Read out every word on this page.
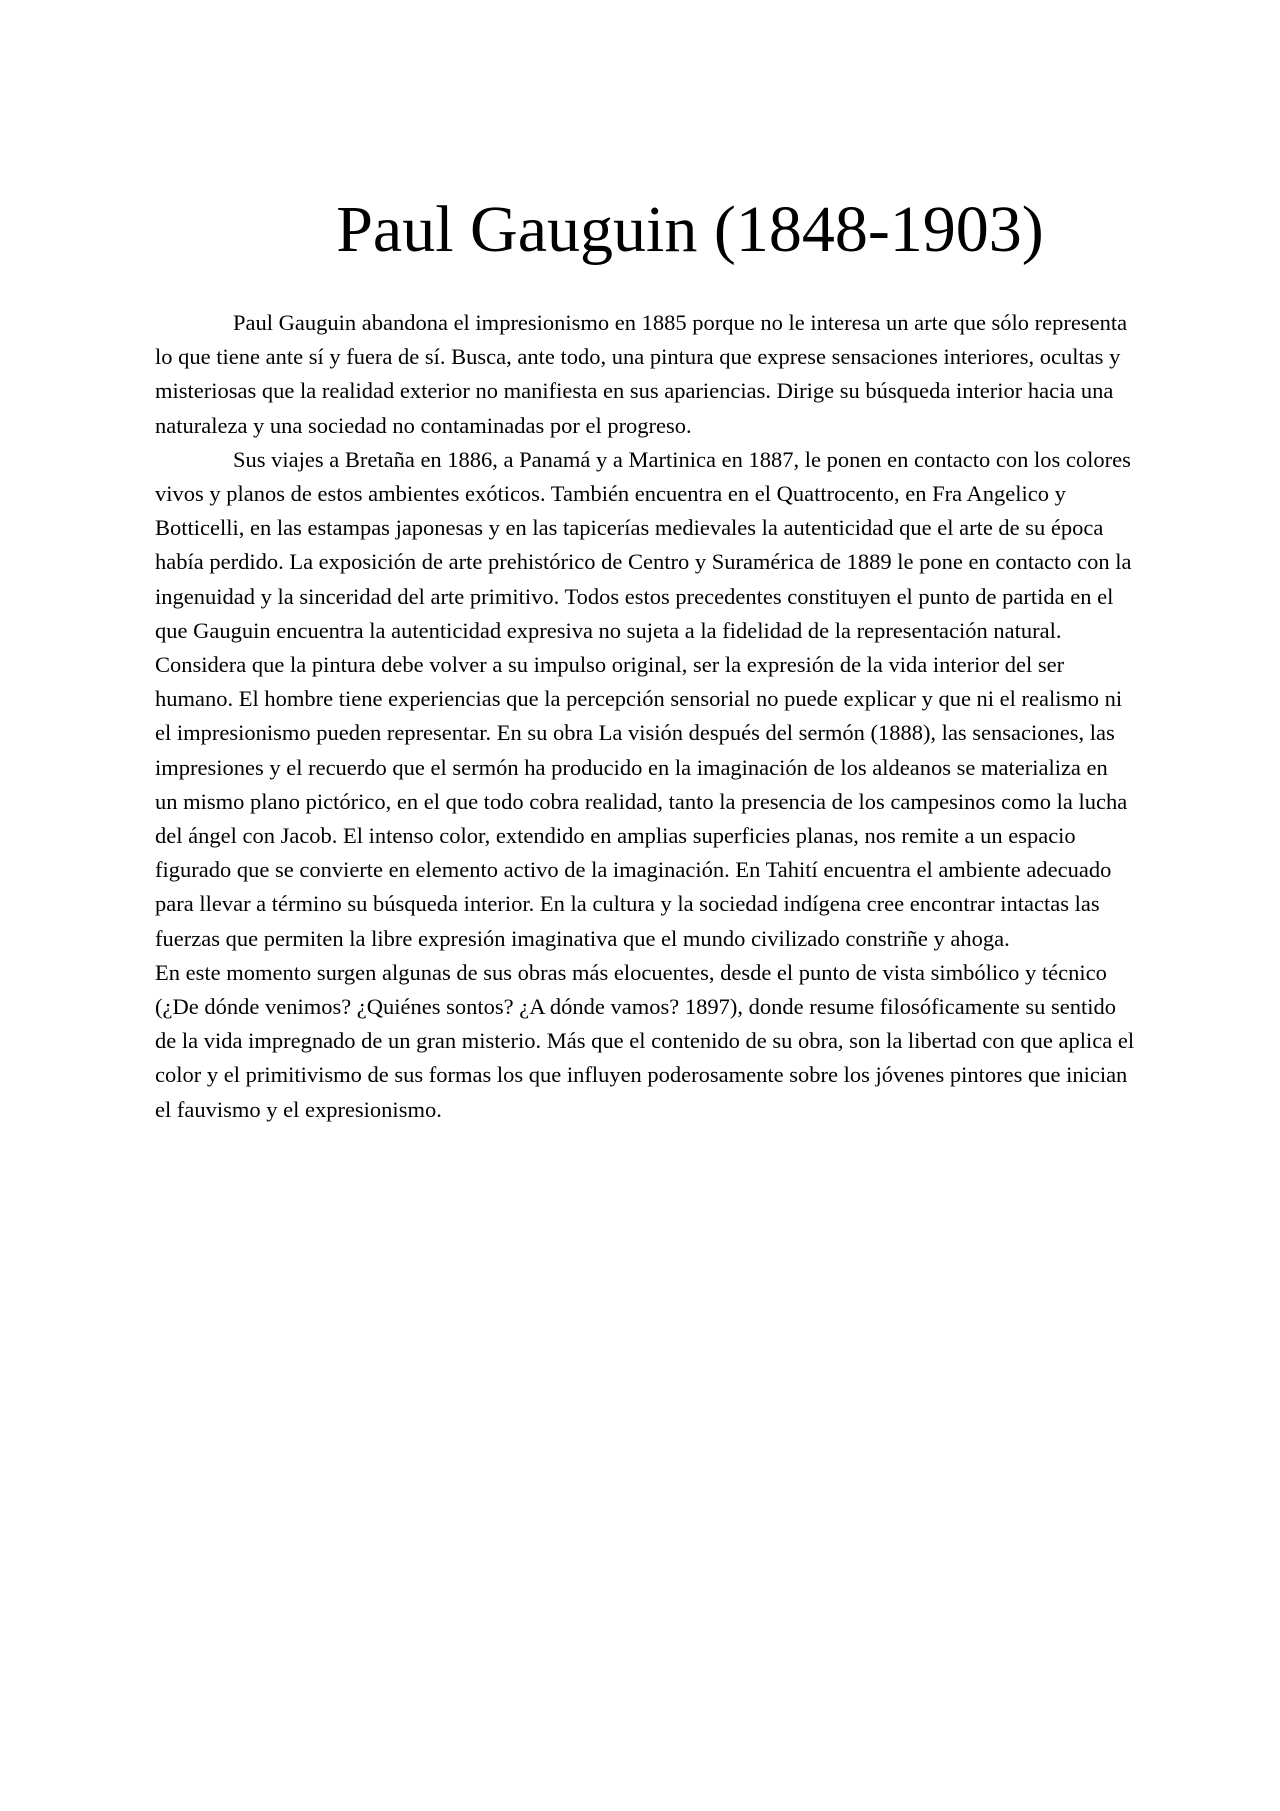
Paul Gauguin (1848-1903)

Paul Gauguin abandona el impresionismo en 1885 porque no le interesa un arte que sólo representa lo que tiene ante sí y fuera de sí. Busca, ante todo, una pintura que exprese sensaciones interiores, ocultas y misteriosas que la realidad exterior no manifiesta en sus apariencias. Dirige su búsqueda interior hacia una naturaleza y una sociedad no contaminadas por el progreso.

Sus viajes a Bretaña en 1886, a Panamá y a Martinica en 1887, le ponen en contacto con los colores vivos y planos de estos ambientes exóticos. También encuentra en el Quattrocento, en Fra Angelico y Botticelli, en las estampas japonesas y en las tapicerías medievales la autenticidad que el arte de su época había perdido. La exposición de arte prehistórico de Centro y Suramérica de 1889 le pone en contacto con la ingenuidad y la sinceridad del arte primitivo. Todos estos precedentes constituyen el punto de partida en el que Gauguin encuentra la autenticidad expresiva no sujeta a la fidelidad de la representación natural. Considera que la pintura debe volver a su impulso original, ser la expresión de la vida interior del ser humano. El hombre tiene experiencias que la percepción sensorial no puede explicar y que ni el realismo ni el impresionismo pueden representar. En su obra La visión después del sermón (1888), las sensaciones, las impresiones y el recuerdo que el sermón ha producido en la imaginación de los aldeanos se materializa en un mismo plano pictórico, en el que todo cobra realidad, tanto la presencia de los campesinos como la lucha del ángel con Jacob. El intenso color, extendido en amplias superficies planas, nos remite a un espacio figurado que se convierte en elemento activo de la imaginación. En Tahití encuentra el ambiente adecuado para llevar a término su búsqueda interior. En la cultura y la sociedad indígena cree encontrar intactas las fuerzas que permiten la libre expresión imaginativa que el mundo civilizado constriñe y ahoga.

En este momento surgen algunas de sus obras más elocuentes, desde el punto de vista simbólico y técnico (¿De dónde venimos? ¿Quiénes sontos? ¿A dónde vamos? 1897), donde resume filosóficamente su sentido de la vida impregnado de un gran misterio. Más que el contenido de su obra, son la libertad con que aplica el color y el primitivismo de sus formas los que influyen poderosamente sobre los jóvenes pintores que inician el fauvismo y el expresionismo.
